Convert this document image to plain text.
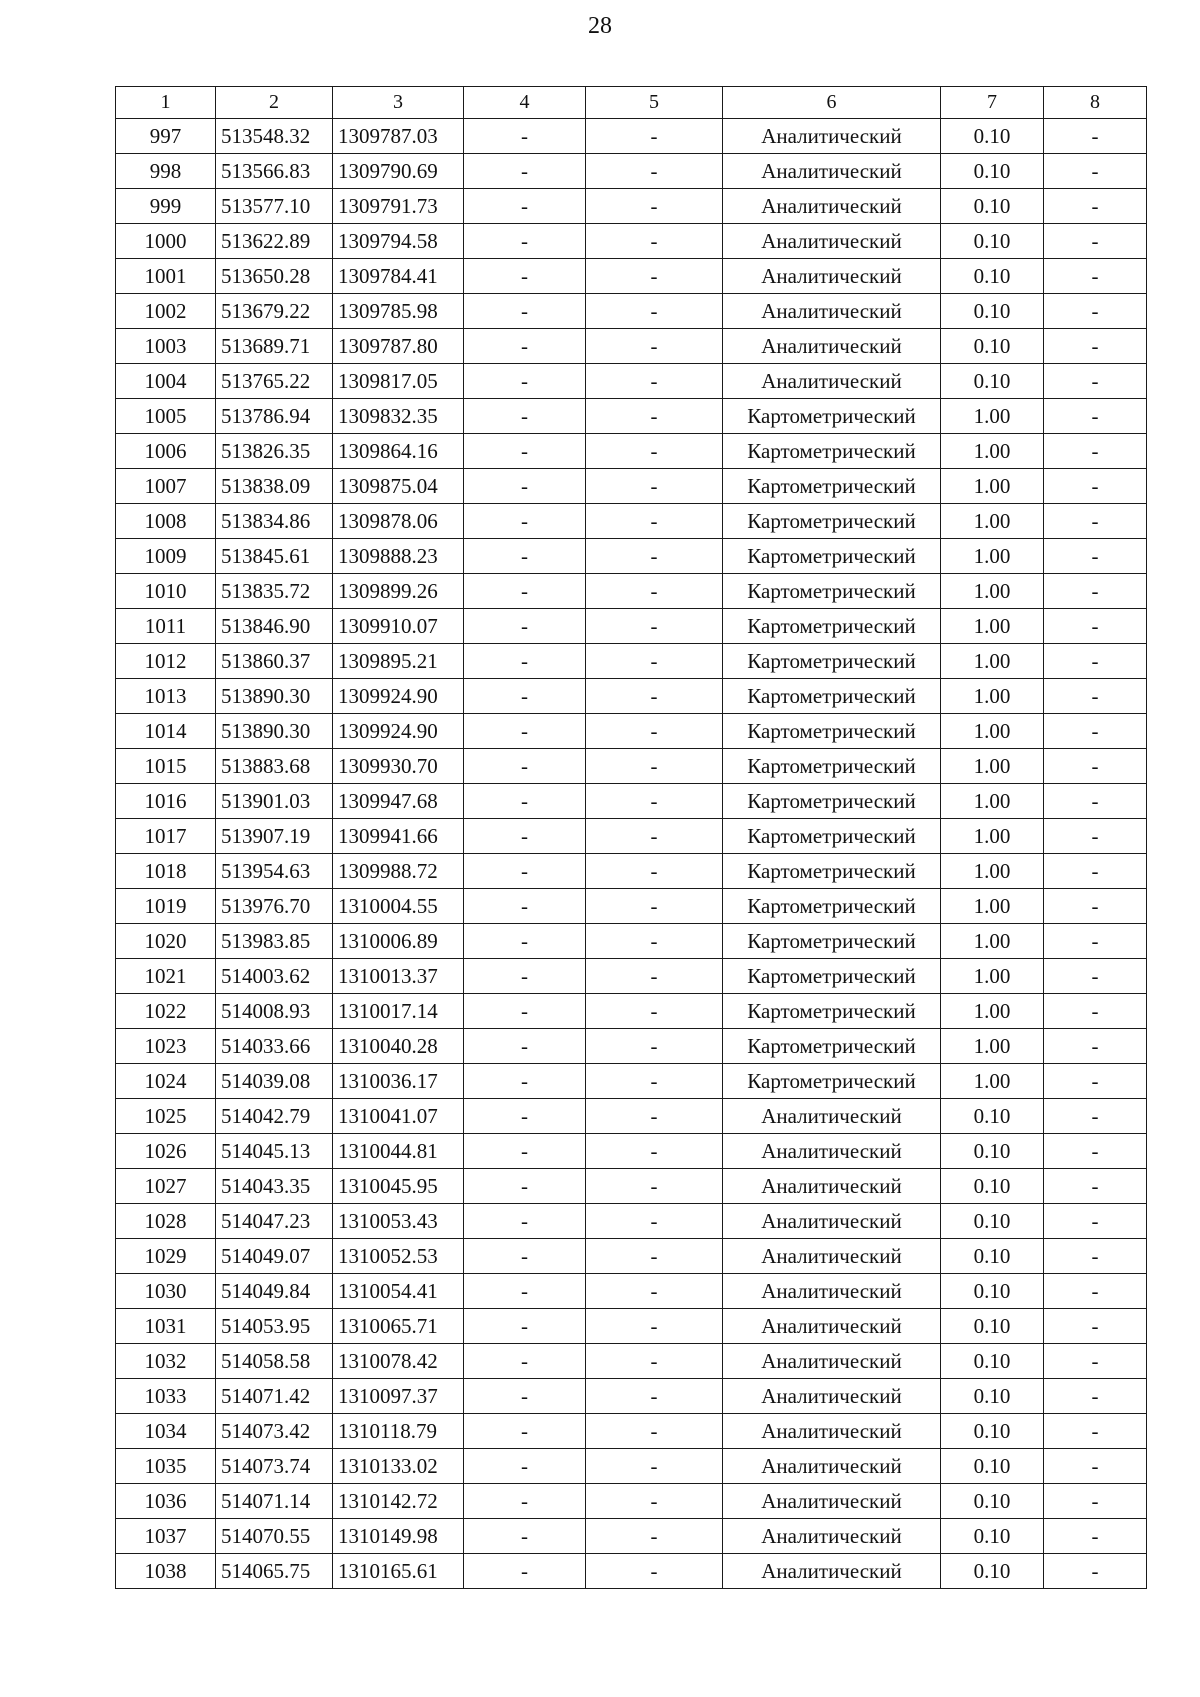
28
1	2	3	4	5	6	7	8
997	513548.32	1309787.03	-	-	Аналитический	0.10	-
998	513566.83	1309790.69	-	-	Аналитический	0.10	-
999	513577.10	1309791.73	-	-	Аналитический	0.10	-
1000	513622.89	1309794.58	-	-	Аналитический	0.10	-
1001	513650.28	1309784.41	-	-	Аналитический	0.10	-
1002	513679.22	1309785.98	-	-	Аналитический	0.10	-
1003	513689.71	1309787.80	-	-	Аналитический	0.10	-
1004	513765.22	1309817.05	-	-	Аналитический	0.10	-
1005	513786.94	1309832.35	-	-	Картометрический	1.00	-
1006	513826.35	1309864.16	-	-	Картометрический	1.00	-
1007	513838.09	1309875.04	-	-	Картометрический	1.00	-
1008	513834.86	1309878.06	-	-	Картометрический	1.00	-
1009	513845.61	1309888.23	-	-	Картометрический	1.00	-
1010	513835.72	1309899.26	-	-	Картометрический	1.00	-
1011	513846.90	1309910.07	-	-	Картометрический	1.00	-
1012	513860.37	1309895.21	-	-	Картометрический	1.00	-
1013	513890.30	1309924.90	-	-	Картометрический	1.00	-
1014	513890.30	1309924.90	-	-	Картометрический	1.00	-
1015	513883.68	1309930.70	-	-	Картометрический	1.00	-
1016	513901.03	1309947.68	-	-	Картометрический	1.00	-
1017	513907.19	1309941.66	-	-	Картометрический	1.00	-
1018	513954.63	1309988.72	-	-	Картометрический	1.00	-
1019	513976.70	1310004.55	-	-	Картометрический	1.00	-
1020	513983.85	1310006.89	-	-	Картометрический	1.00	-
1021	514003.62	1310013.37	-	-	Картометрический	1.00	-
1022	514008.93	1310017.14	-	-	Картометрический	1.00	-
1023	514033.66	1310040.28	-	-	Картометрический	1.00	-
1024	514039.08	1310036.17	-	-	Картометрический	1.00	-
1025	514042.79	1310041.07	-	-	Аналитический	0.10	-
1026	514045.13	1310044.81	-	-	Аналитический	0.10	-
1027	514043.35	1310045.95	-	-	Аналитический	0.10	-
1028	514047.23	1310053.43	-	-	Аналитический	0.10	-
1029	514049.07	1310052.53	-	-	Аналитический	0.10	-
1030	514049.84	1310054.41	-	-	Аналитический	0.10	-
1031	514053.95	1310065.71	-	-	Аналитический	0.10	-
1032	514058.58	1310078.42	-	-	Аналитический	0.10	-
1033	514071.42	1310097.37	-	-	Аналитический	0.10	-
1034	514073.42	1310118.79	-	-	Аналитический	0.10	-
1035	514073.74	1310133.02	-	-	Аналитический	0.10	-
1036	514071.14	1310142.72	-	-	Аналитический	0.10	-
1037	514070.55	1310149.98	-	-	Аналитический	0.10	-
1038	514065.75	1310165.61	-	-	Аналитический	0.10	-
